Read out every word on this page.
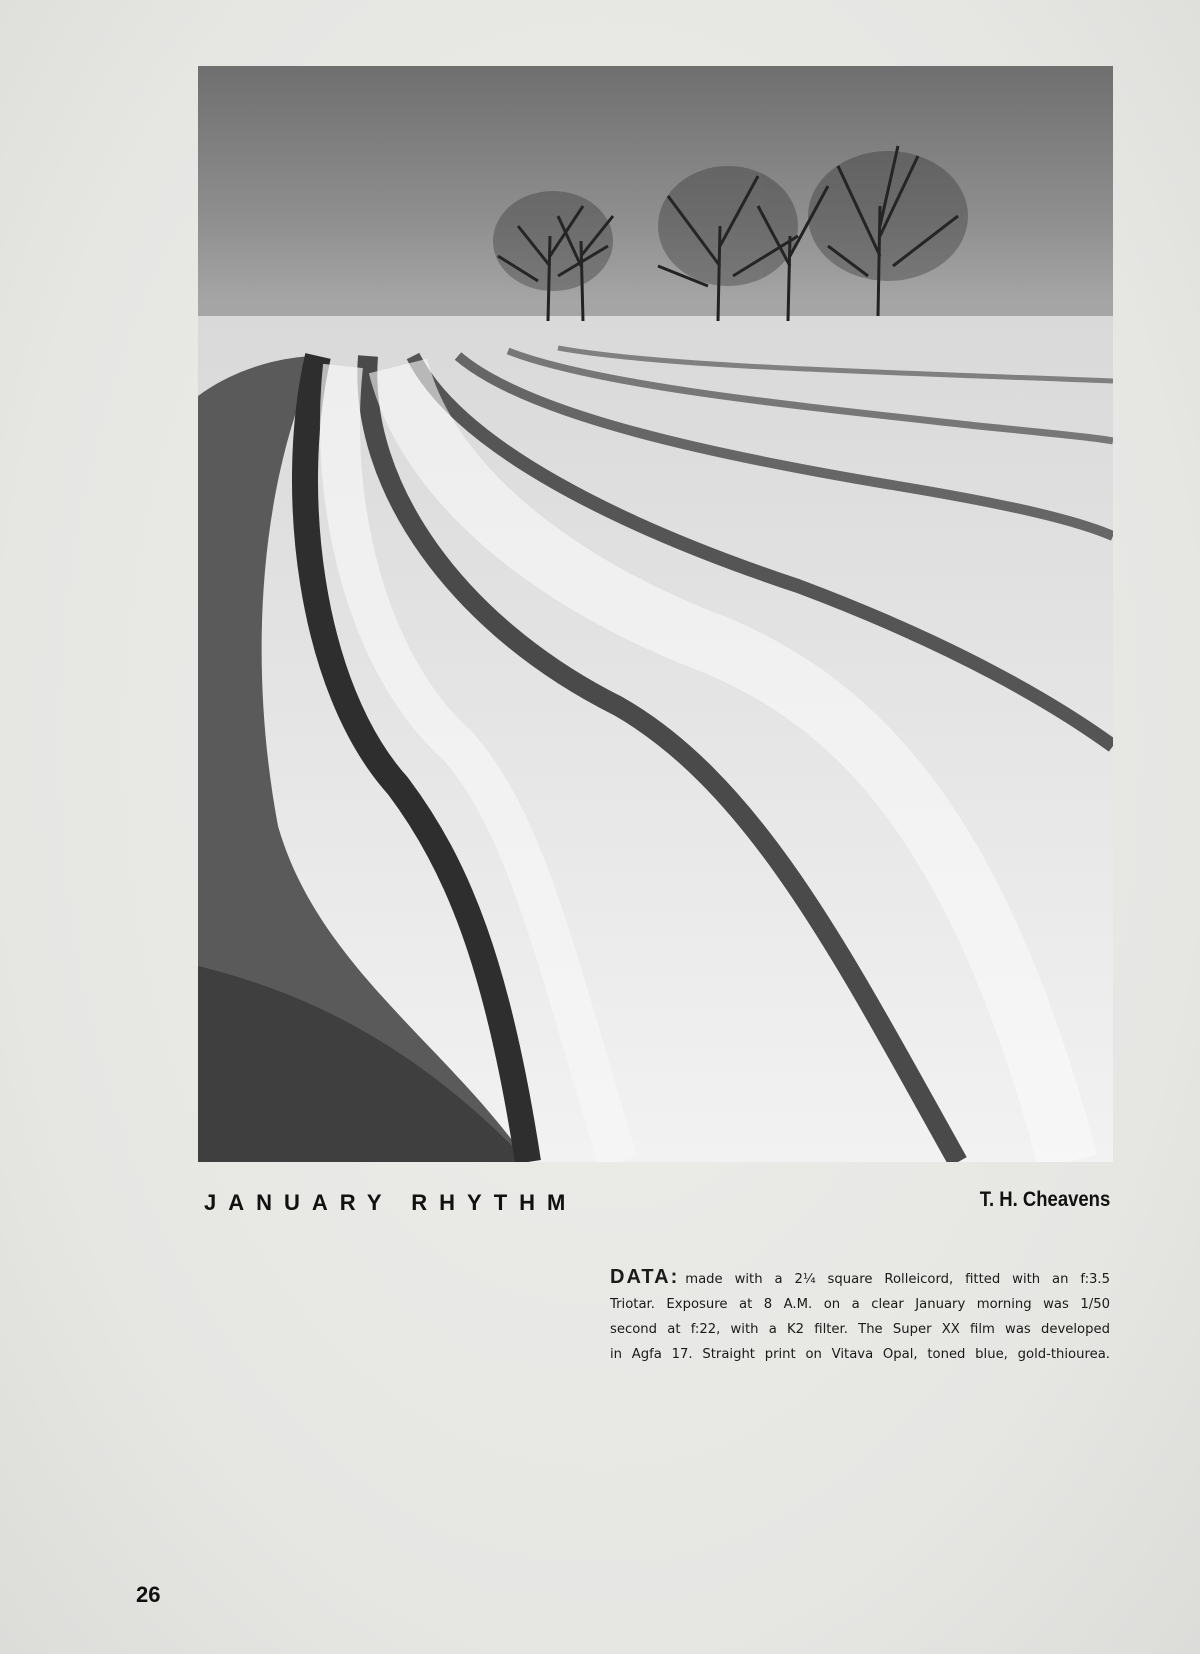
JANUARY RHYTHM	T. H. Cheavens
DATA: made with a 2¼ square Rolleicord, fitted with an f:3.5
Triotar. Exposure at 8 A.M. on a clear January morning was 1/50
second at f:22, with a K2 filter. The Super XX film was developed
in Agfa 17. Straight print on Vitava Opal, toned blue, gold-thiourea.
26
